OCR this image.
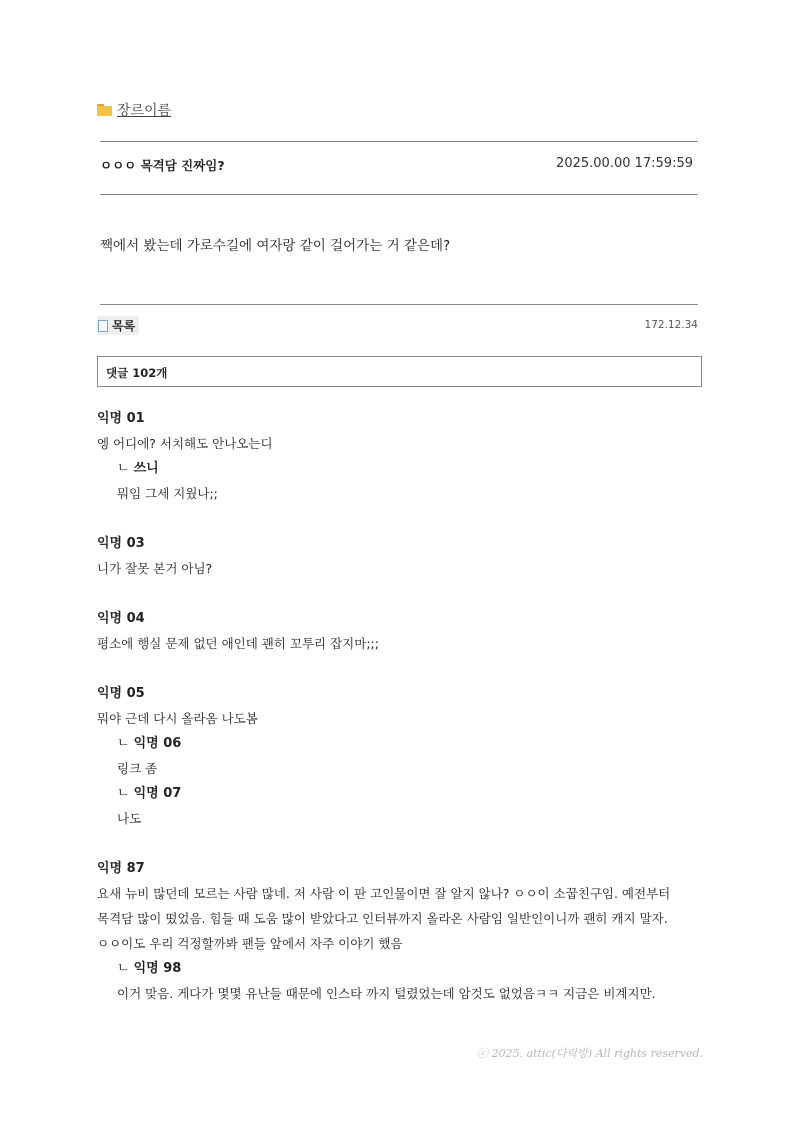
장르이름
ㅇㅇㅇ 목격담 진짜임?	2025.00.00 17:59:59
짹에서 봤는데 가로수길에 여자랑 같이 걸어가는 거 같은데?
목록	172.12.34
댓글 102개
익명 01
엥 어디에? 서치해도 안나오는디
ㄴ 쓰니
뭐임 그세 지웠나;;
익명 03
니가 잘못 본거 아님?
익명 04
평소에 행실 문제 없던 애인데 괜히 꼬투리 잡지마;;;
익명 05
뭐야 근데 다시 올라옴 나도봄
ㄴ 익명 06
링크 좀
ㄴ 익명 07
나도
익명 87
요새 뉴비 많던데 모르는 사람 많네. 저 사람 이 판 고인물이면 잘 알지 않나? ㅇㅇ이 소꿉친구임. 예전부터
목격담 많이 떴었음. 힘들 때 도움 많이 받았다고 인터뷰까지 올라온 사람임 일반인이니까 괜히 캐지 말자.
ㅇㅇ이도 우리 걱정할까봐 팬들 앞에서 자주 이야기 했음
ㄴ 익명 98
이거 맞음. 게다가 몇몇 유난들 때문에 인스타 까지 털렸었는데 암것도 없었음ㅋㅋ 지금은 비계지만.
ⓒ 2025. attic(다락방) All rights reserved.
